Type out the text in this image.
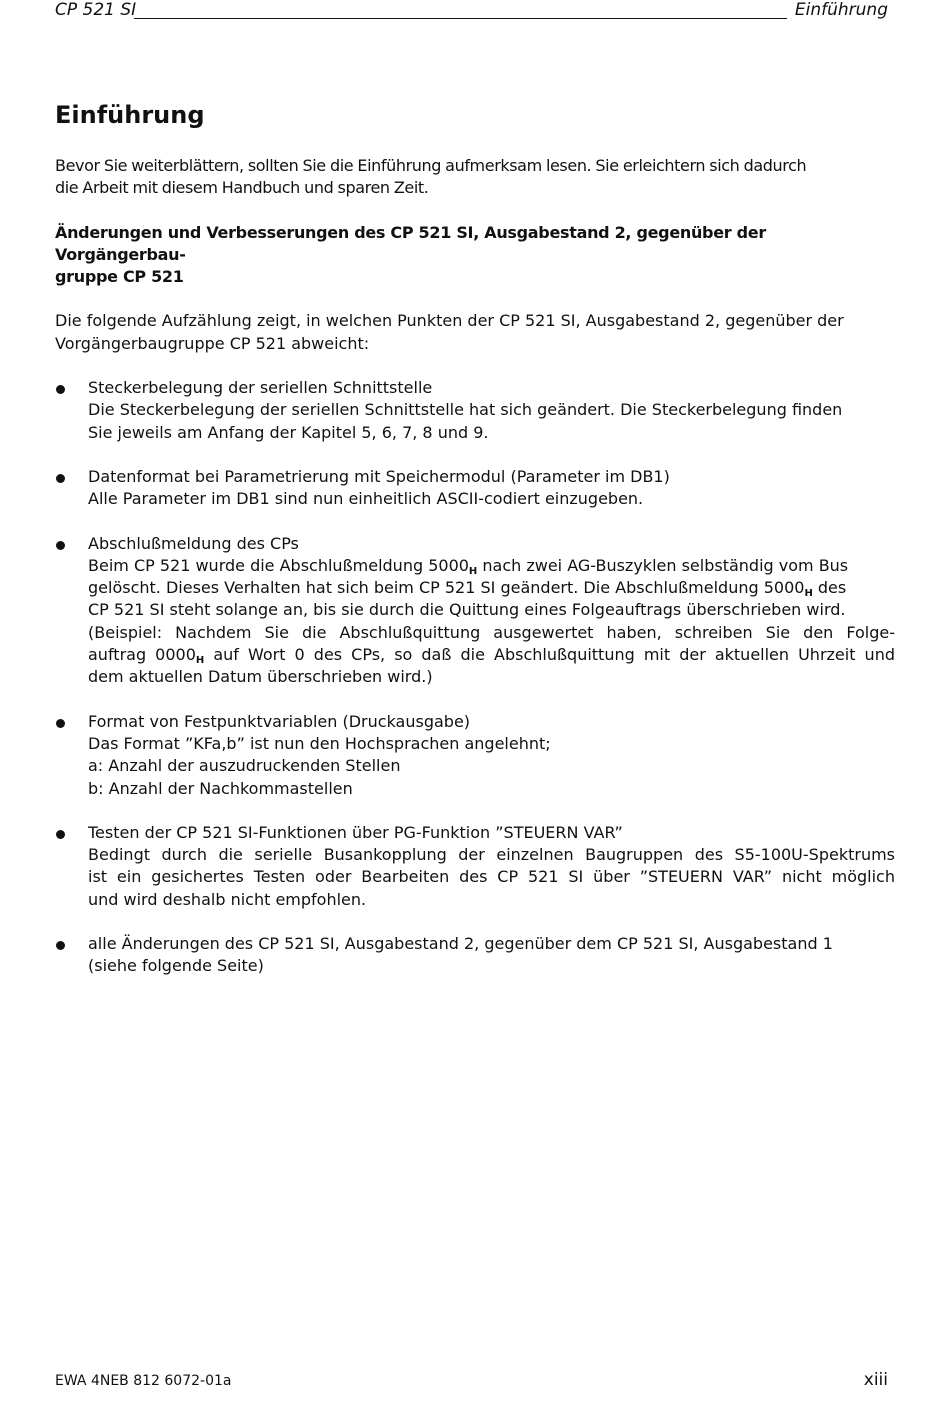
CP 521 SI	Einführung
Einführung

Bevor Sie weiterblättern, sollten Sie die Einführung aufmerksam lesen. Sie erleichtern sich dadurch
die Arbeit mit diesem Handbuch und sparen Zeit.

Änderungen und Verbesserungen des CP 521 SI, Ausgabestand 2, gegenüber der Vorgängerbau-
gruppe CP 521

Die folgende Aufzählung zeigt, in welchen Punkten der CP 521 SI, Ausgabestand 2, gegenüber der
Vorgängerbaugruppe CP 521 abweicht:

Steckerbelegung der seriellen Schnittstelle
Die Steckerbelegung der seriellen Schnittstelle hat sich geändert. Die Steckerbelegung finden
Sie jeweils am Anfang der Kapitel 5, 6, 7, 8 und 9.
Datenformat bei Parametrierung mit Speichermodul (Parameter im DB1)
Alle Parameter im DB1 sind nun einheitlich ASCII-codiert einzugeben.
Abschlußmeldung des CPs
Beim CP 521 wurde die Abschlußmeldung $5000_H$ nach zwei AG-Buszyklen selbständig vom Bus
gelöscht. Dieses Verhalten hat sich beim CP 521 SI geändert. Die Abschlußmeldung $5000_H$ des
CP 521 SI steht solange an, bis sie durch die Quittung eines Folgeauftrags überschrieben wird.
(Beispiel: Nachdem Sie die Abschlußquittung ausgewertet haben, schreiben Sie den Folge-
auftrag $0000_H$ auf Wort 0 des CPs, so daß die Abschlußquittung mit der aktuellen Uhrzeit und
dem aktuellen Datum überschrieben wird.)
Format von Festpunktvariablen (Druckausgabe)
Das Format ”KFa,b” ist nun den Hochsprachen angelehnt;
a: Anzahl der auszudruckenden Stellen
b: Anzahl der Nachkommastellen
Testen der CP 521 SI-Funktionen über PG-Funktion ”STEUERN VAR”
Bedingt durch die serielle Busankopplung der einzelnen Baugruppen des S5-100U-Spektrums
ist ein gesichertes Testen oder Bearbeiten des CP 521 SI über ”STEUERN VAR” nicht möglich
und wird deshalb nicht empfohlen.
alle Änderungen des CP 521 SI, Ausgabestand 2, gegenüber dem CP 521 SI, Ausgabestand 1
(siehe folgende Seite)
EWA 4NEB 812 6072-01a	xiii
